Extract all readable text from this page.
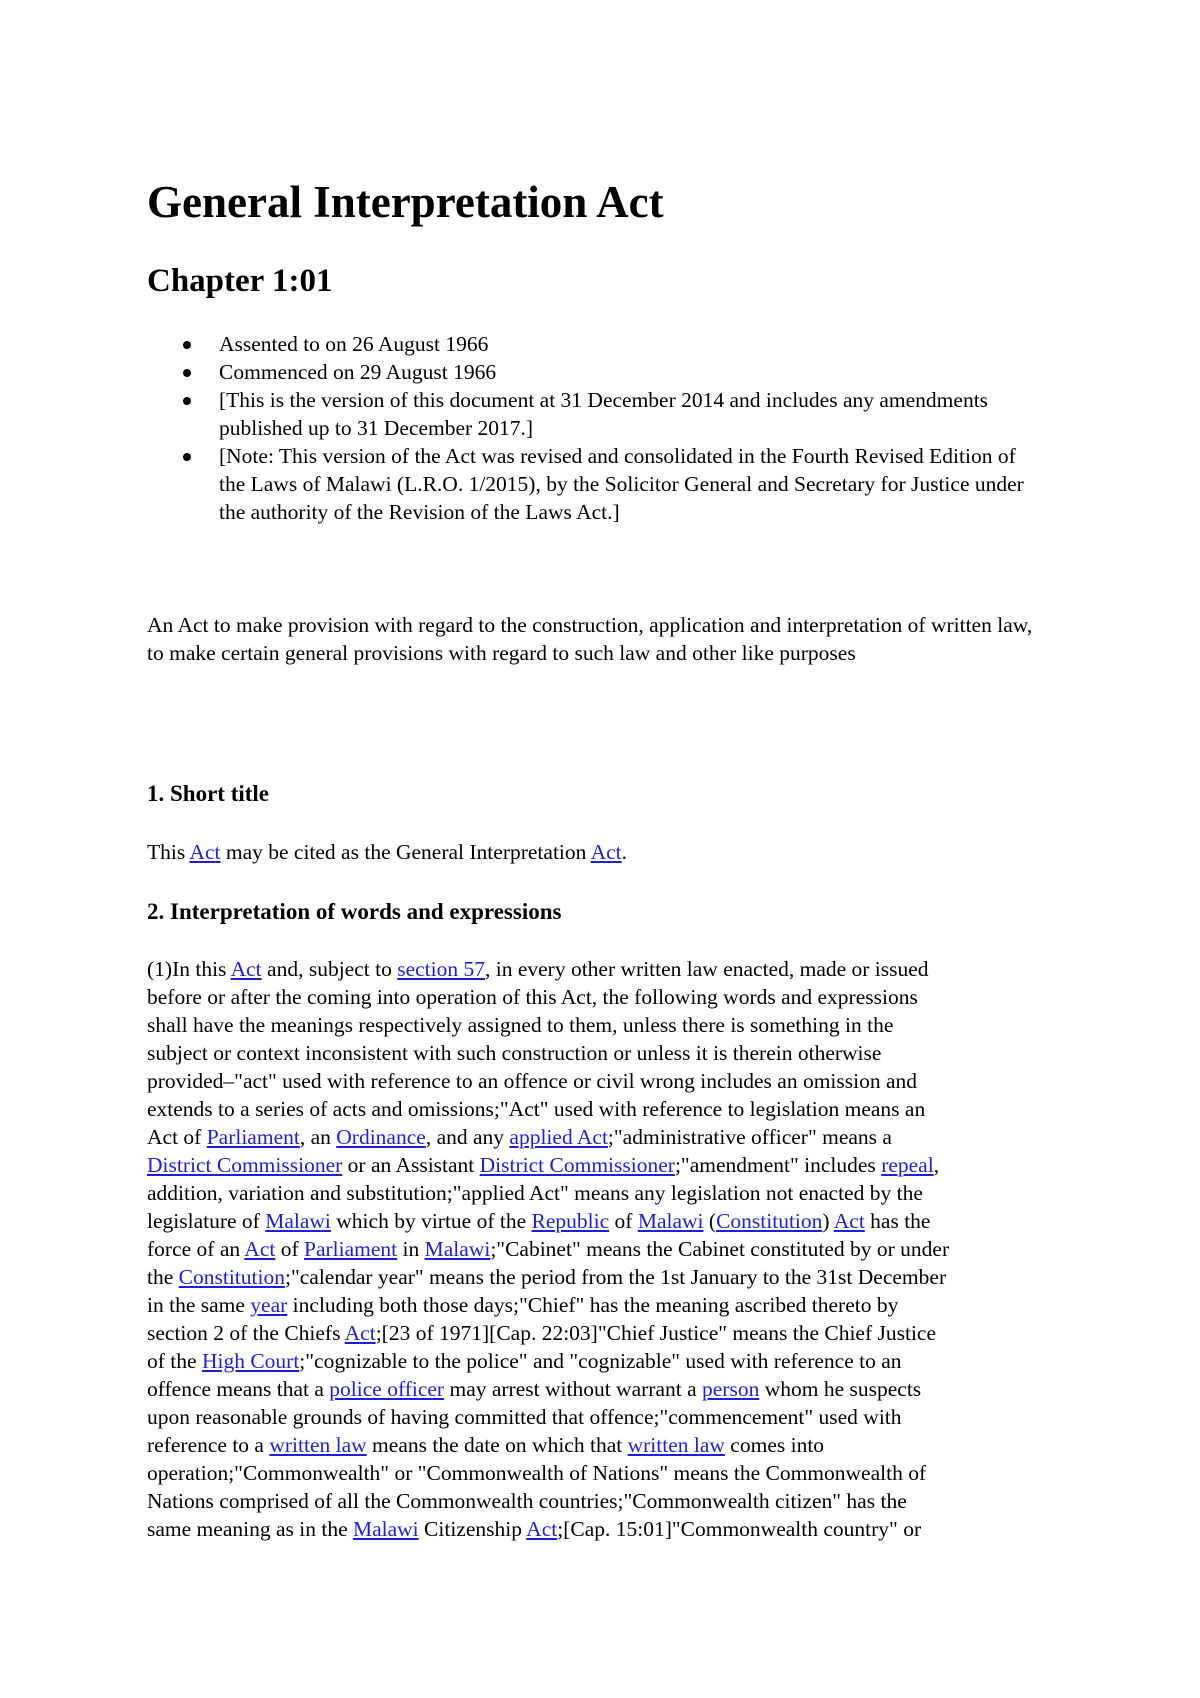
General Interpretation Act
Chapter 1:01
Assented to on 26 August 1966
Commenced on 29 August 1966
[This is the version of this document at 31 December 2014 and includes any amendments published up to 31 December 2017.]
[Note: This version of the Act was revised and consolidated in the Fourth Revised Edition of the Laws of Malawi (L.R.O. 1/2015), by the Solicitor General and Secretary for Justice under the authority of the Revision of the Laws Act.]

An Act to make provision with regard to the construction, application and interpretation of written law, to make certain general provisions with regard to such law and other like purposes

1. Short title

This Act may be cited as the General Interpretation Act.

2. Interpretation of words and expressions
(1)In this Act and, subject to section 57, in every other written law enacted, made or issued
before or after the coming into operation of this Act, the following words and expressions
shall have the meanings respectively assigned to them, unless there is something in the
subject or context inconsistent with such construction or unless it is therein otherwise
provided–"act" used with reference to an offence or civil wrong includes an omission and
extends to a series of acts and omissions;"Act" used with reference to legislation means an
Act of Parliament, an Ordinance, and any applied Act;"administrative officer" means a
District Commissioner or an Assistant District Commissioner;"amendment" includes repeal,
addition, variation and substitution;"applied Act" means any legislation not enacted by the
legislature of Malawi which by virtue of the Republic of Malawi (Constitution) Act has the
force of an Act of Parliament in Malawi;"Cabinet" means the Cabinet constituted by or under
the Constitution;"calendar year" means the period from the 1st January to the 31st December
in the same year including both those days;"Chief" has the meaning ascribed thereto by
section 2 of the Chiefs Act;[23 of 1971][Cap. 22:03]"Chief Justice" means the Chief Justice
of the High Court;"cognizable to the police" and "cognizable" used with reference to an
offence means that a police officer may arrest without warrant a person whom he suspects
upon reasonable grounds of having committed that offence;"commencement" used with
reference to a written law means the date on which that written law comes into
operation;"Commonwealth" or "Commonwealth of Nations" means the Commonwealth of
Nations comprised of all the Commonwealth countries;"Commonwealth citizen" has the
same meaning as in the Malawi Citizenship Act;[Cap. 15:01]"Commonwealth country" or
